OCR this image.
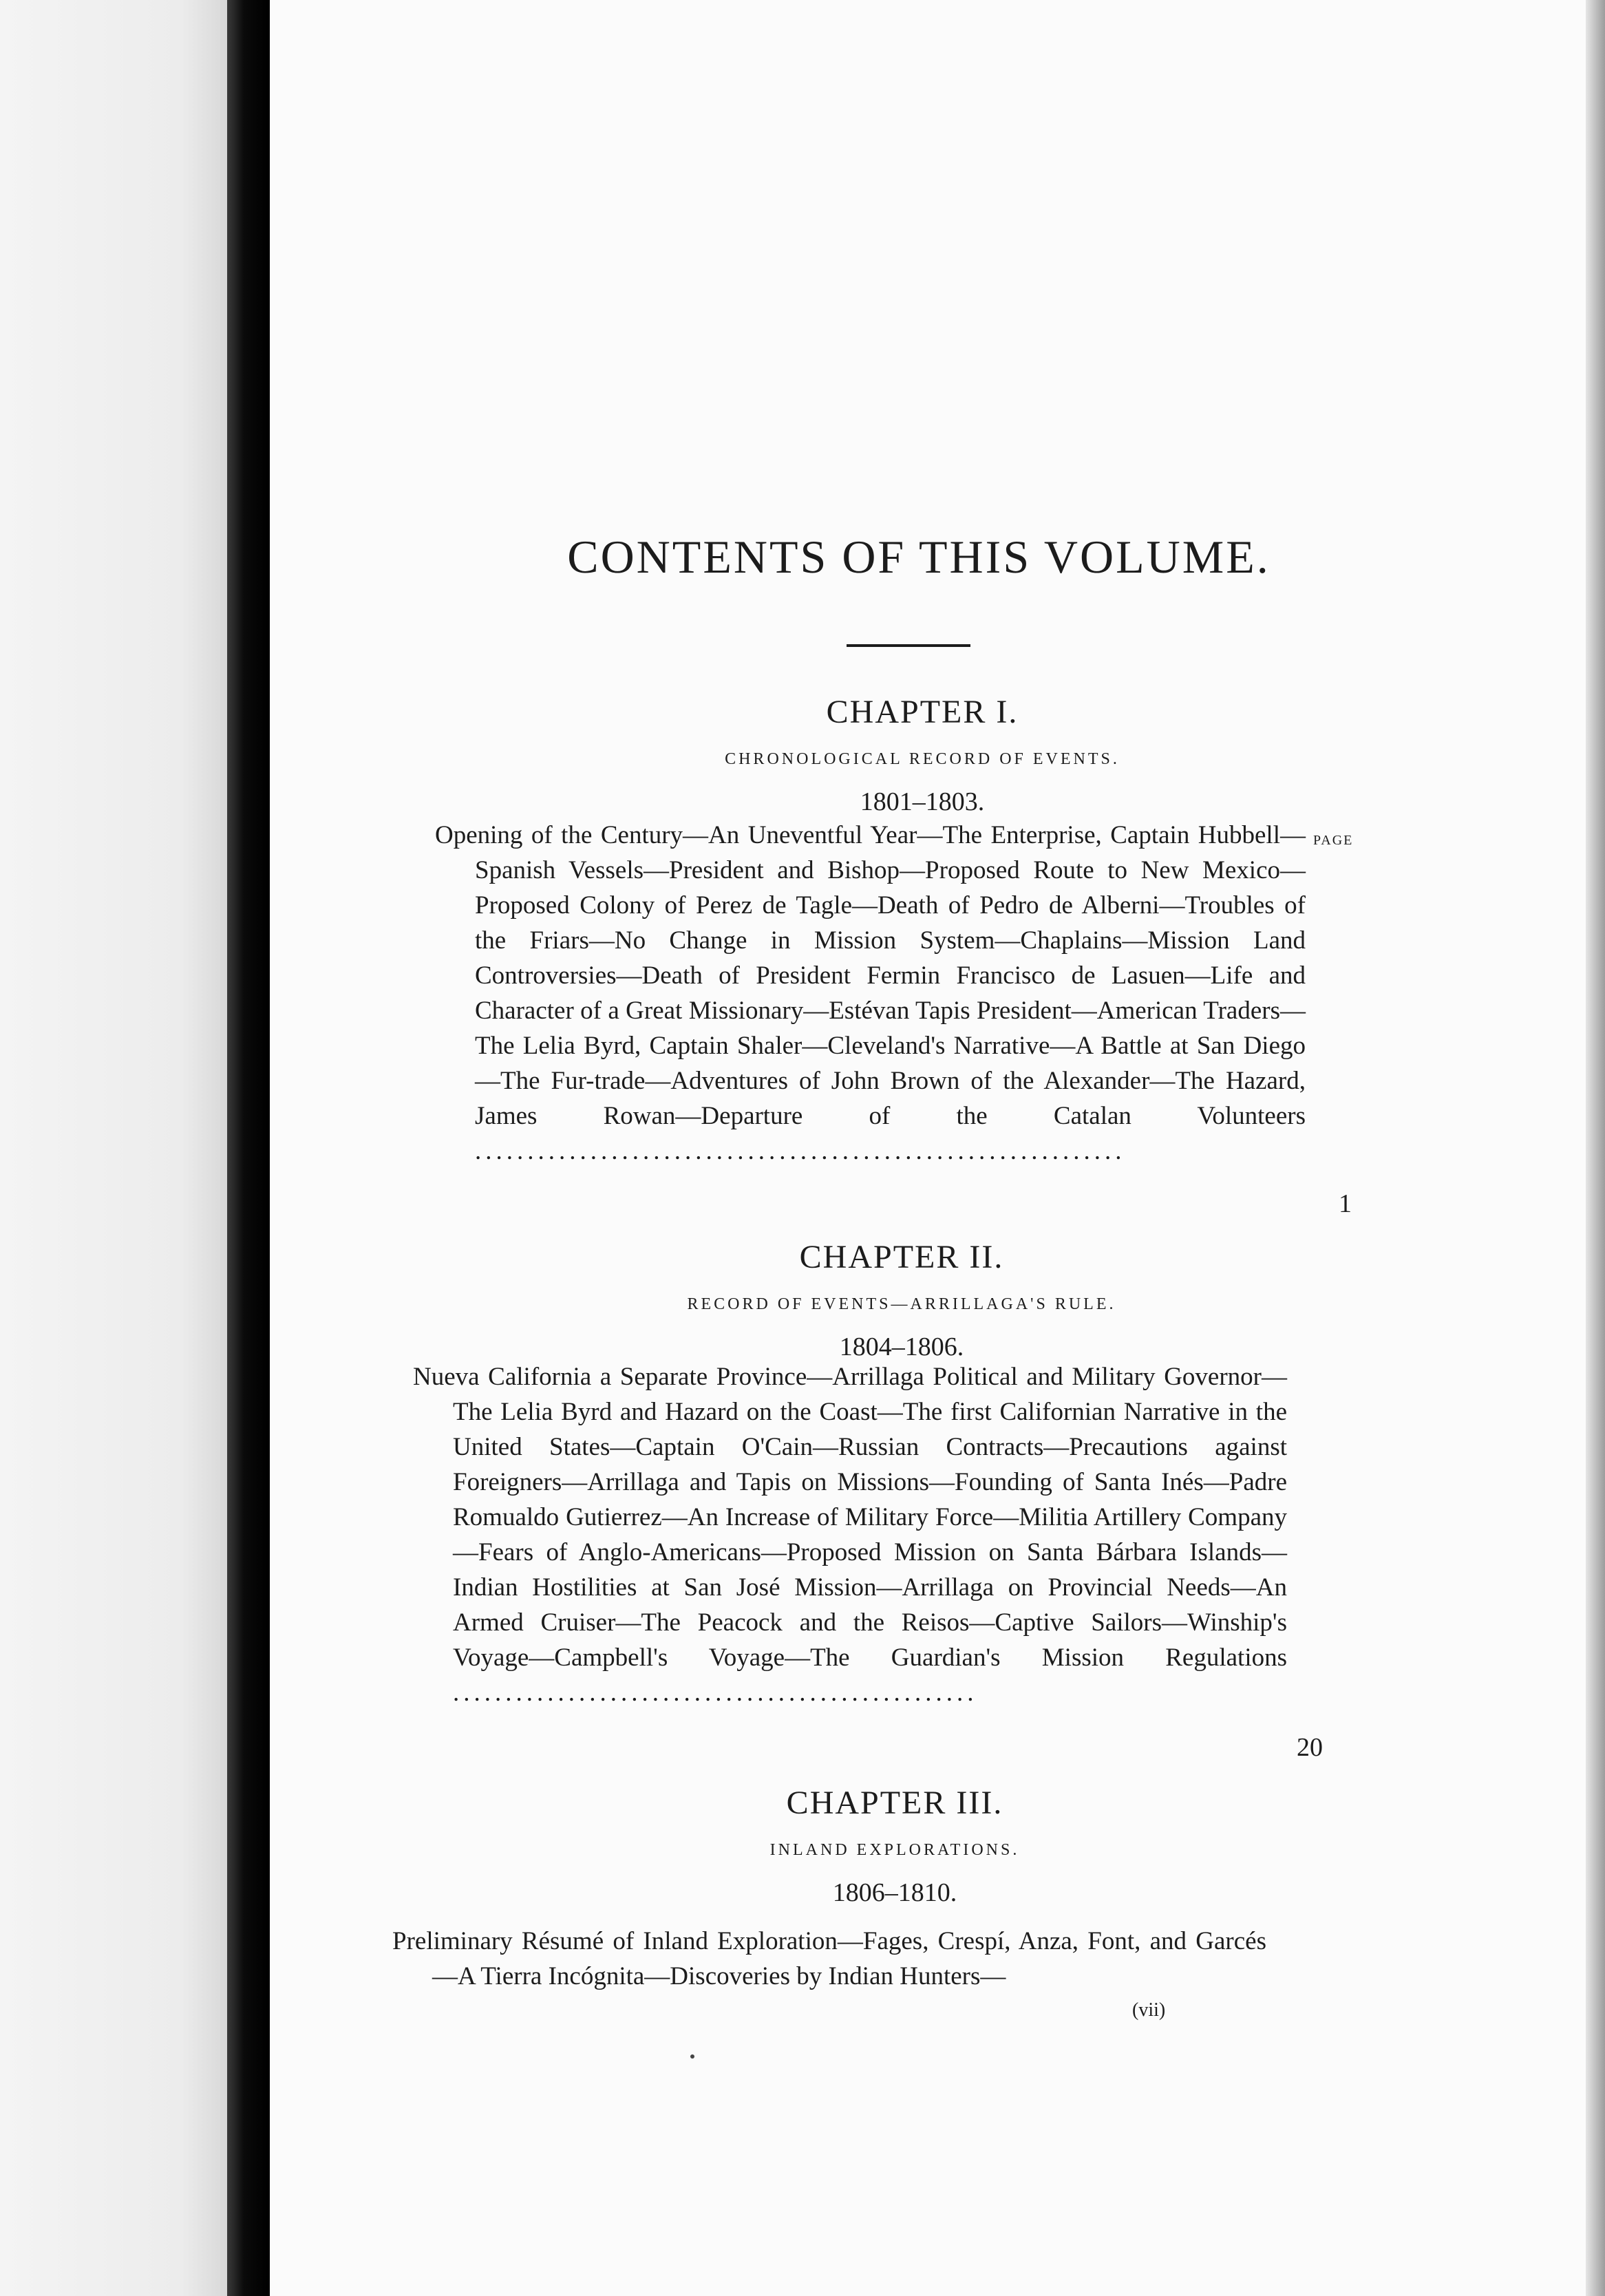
CONTENTS OF THIS VOLUME.
CHAPTER I.
CHRONOLOGICAL RECORD OF EVENTS.
1801–1803.
PAGE
Opening of the Century—An Uneventful Year—The Enterprise, Captain Hubbell—Spanish Vessels—President and Bishop—Proposed Route to New Mexico—Proposed Colony of Perez de Tagle—Death of Pedro de Alberni—Troubles of the Friars—No Change in Mission System—Chaplains—Mission Land Controversies—Death of President Fermin Francisco de Lasuen—Life and Character of a Great Missionary—Estévan Tapis President—American Traders—The Lelia Byrd, Captain Shaler—Cleveland's Narrative—A Battle at San Diego—The Fur-trade—Adventures of John Brown of the Alexander—The Hazard, James Rowan—Departure of the Catalan Volunteers ..............................................................
1
CHAPTER II.
RECORD OF EVENTS—ARRILLAGA'S RULE.
1804–1806.
Nueva California a Separate Province—Arrillaga Political and Military Governor—The Lelia Byrd and Hazard on the Coast—The first Californian Narrative in the United States—Captain O'Cain—Russian Contracts—Precautions against Foreigners—Arrillaga and Tapis on Missions—Founding of Santa Inés—Padre Romualdo Gutierrez—An Increase of Military Force—Militia Artillery Company—Fears of Anglo-Americans—Proposed Mission on Santa Bárbara Islands—Indian Hostilities at San José Mission—Arrillaga on Provincial Needs—An Armed Cruiser—The Peacock and the Reisos—Captive Sailors—Winship's Voyage—Campbell's Voyage—The Guardian's Mission Regulations ..................................................
20
CHAPTER III.
INLAND EXPLORATIONS.
1806–1810.
Preliminary Résumé of Inland Exploration—Fages, Crespí, Anza, Font, and Garcés—A Tierra Incógnita—Discoveries by Indian Hunters—
(vii)
